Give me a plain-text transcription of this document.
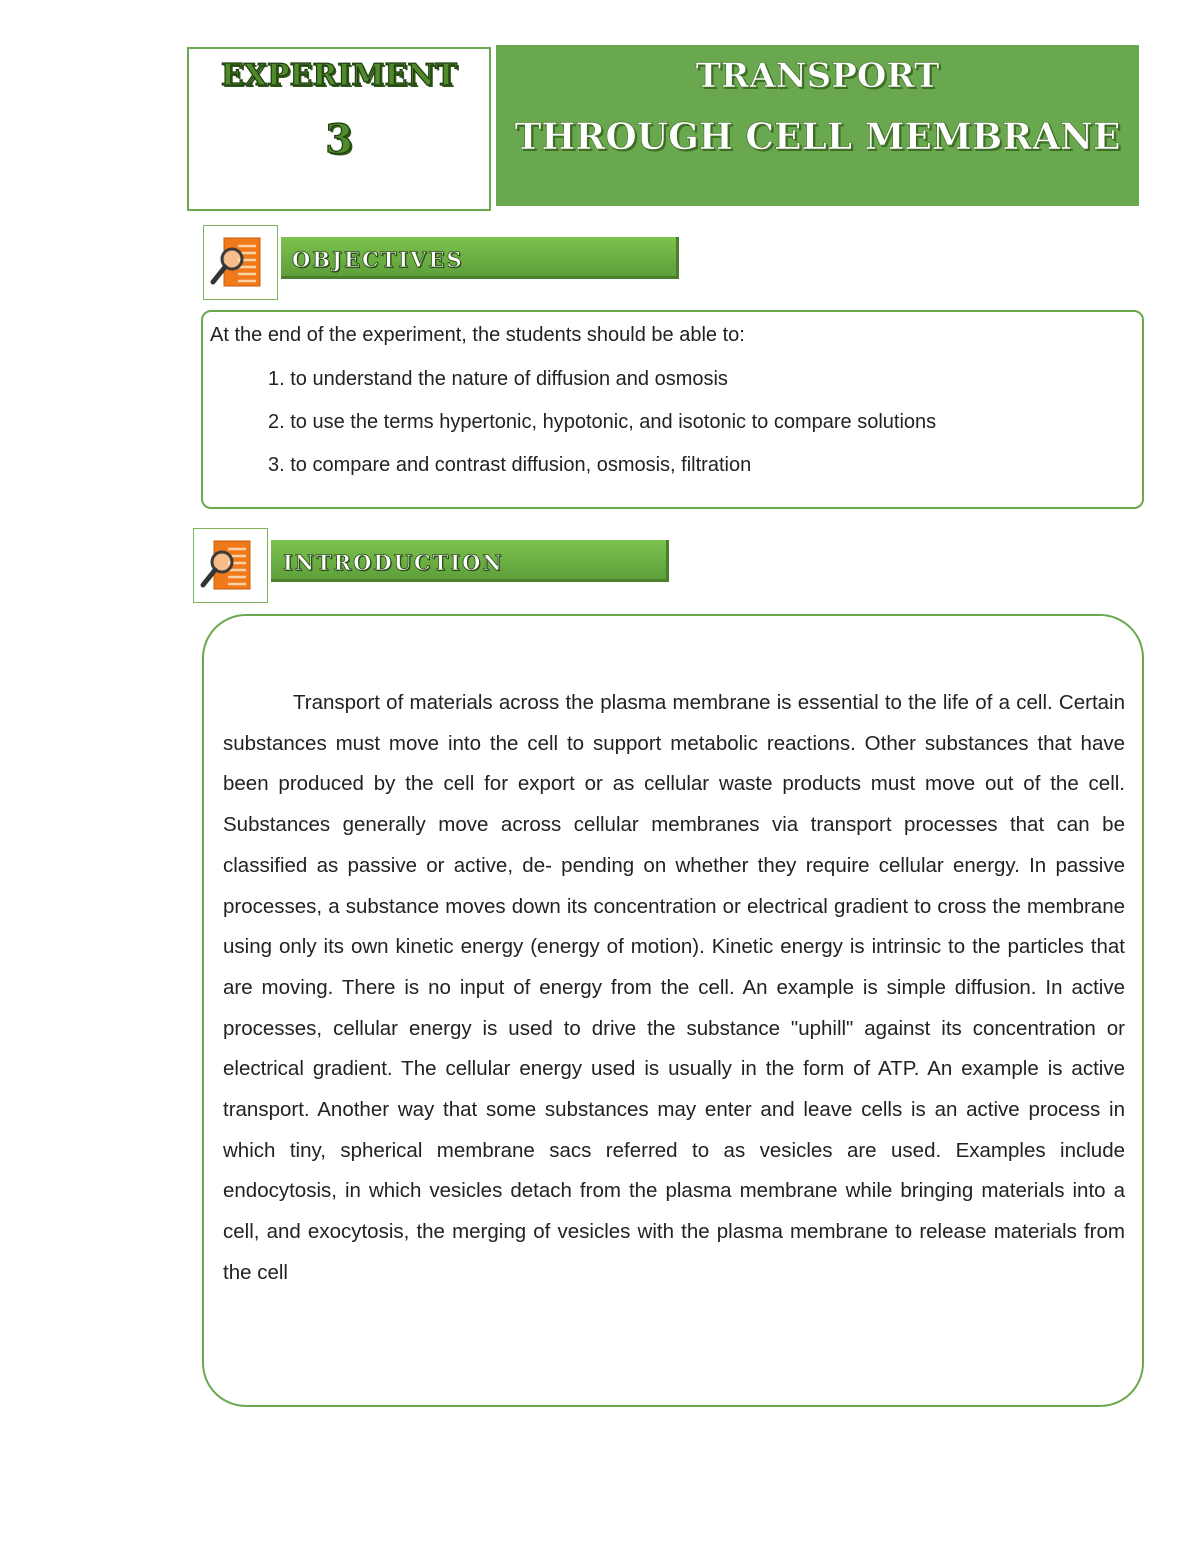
EXPERIMENT
3
TRANSPORT
THROUGH CELL MEMBRANE
OBJECTIVES
At the end of the experiment, the students should be able to:
1. to understand the nature of diffusion and osmosis
2. to use the terms hypertonic, hypotonic, and isotonic to compare solutions
3. to compare and contrast diffusion, osmosis, filtration
INTRODUCTION
Transport of materials across the plasma membrane is essential to the life of a cell. Certain substances must move into the cell to support metabolic reactions. Other substances that have been produced by the cell for export or as cellular waste products must move out of the cell. Substances generally move across cellular membranes via transport processes that can be classified as passive or active, de- pending on whether they require cellular energy. In passive processes, a substance moves down its concentration or electrical gradient to cross the membrane using only its own kinetic energy (energy of motion). Kinetic energy is intrinsic to the particles that are moving. There is no input of energy from the cell. An example is simple diffusion. In active processes, cellular energy is used to drive the substance "uphill" against its concentration or electrical gradient. The cellular energy used is usually in the form of ATP. An example is active transport. Another way that some substances may enter and leave cells is an active process in which tiny, spherical membrane sacs referred to as vesicles are used. Examples include endocytosis, in which vesicles detach from the plasma membrane while bringing materials into a cell, and exocytosis, the merging of vesicles with the plasma membrane to release materials from the cell
